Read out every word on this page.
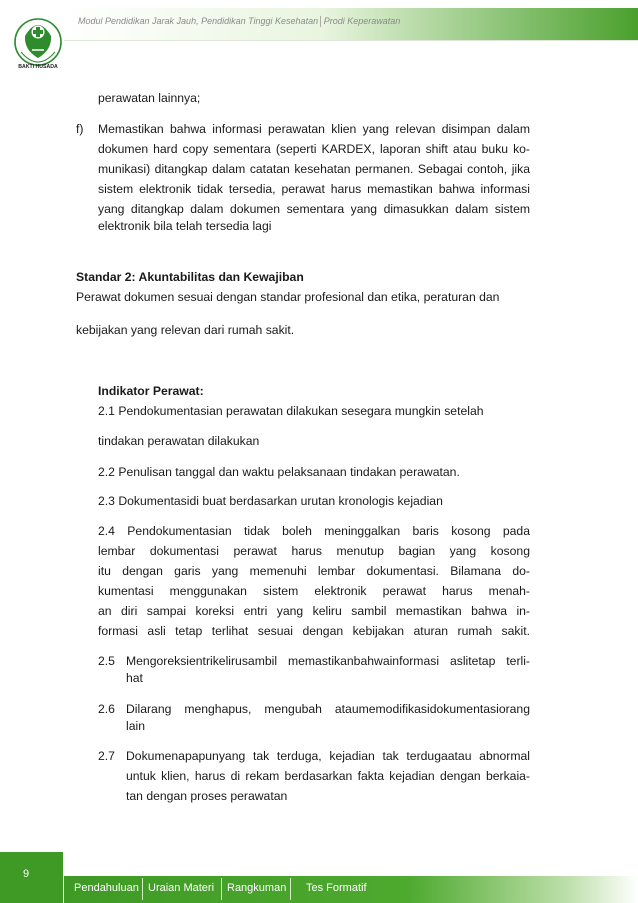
Modul Pendidikan Jarak Jauh, Pendidikan Tinggi Kesehatan│Prodi Keperawatan
BAKTI HUSADA
perawatan lainnya;
f) Memastikan bahwa informasi perawatan klien yang relevan disimpan dalam
dokumen hard copy sementara (seperti KARDEX, laporan shift atau buku ko-
munikasi) ditangkap dalam catatan kesehatan permanen. Sebagai contoh, jika
sistem elektronik tidak tersedia, perawat harus memastikan bahwa informasi
yang ditangkap dalam dokumen sementara yang dimasukkan dalam sistem
elektronik bila telah tersedia lagi
Standar 2: Akuntabilitas dan Kewajiban
Perawat dokumen sesuai dengan standar profesional dan etika, peraturan dan
kebijakan yang relevan dari rumah sakit.
Indikator Perawat:
2.1 Pendokumentasian perawatan dilakukan sesegara mungkin setelah
tindakan perawatan dilakukan
2.2 Penulisan tanggal dan waktu pelaksanaan tindakan perawatan.
2.3 Dokumentasidi buat berdasarkan urutan kronologis kejadian
2.4 Pendokumentasian tidak boleh meninggalkan baris kosong pada
lembar dokumentasi perawat harus menutup bagian yang kosong
itu dengan garis yang memenuhi lembar dokumentasi. Bilamana do-
kumentasi menggunakan sistem elektronik perawat harus menah-
an diri sampai koreksi entri yang keliru sambil memastikan bahwa in-
formasi asli tetap terlihat sesuai dengan kebijakan aturan rumah sakit.
2.5 Mengoreksientrikelirusambil memastikanbahwainformasi aslitetap terli-
hat
2.6 Dilarang menghapus, mengubah ataumemodifikasidokumentasiorang
lain
2.7 Dokumenapapunyang tak terduga, kejadian tak terdugaatau abnormal
untuk klien, harus di rekam berdasarkan fakta kejadian dengan berkaia-
tan dengan proses perawatan
9
Pendahuluan Uraian Materi Rangkuman Tes Formatif
